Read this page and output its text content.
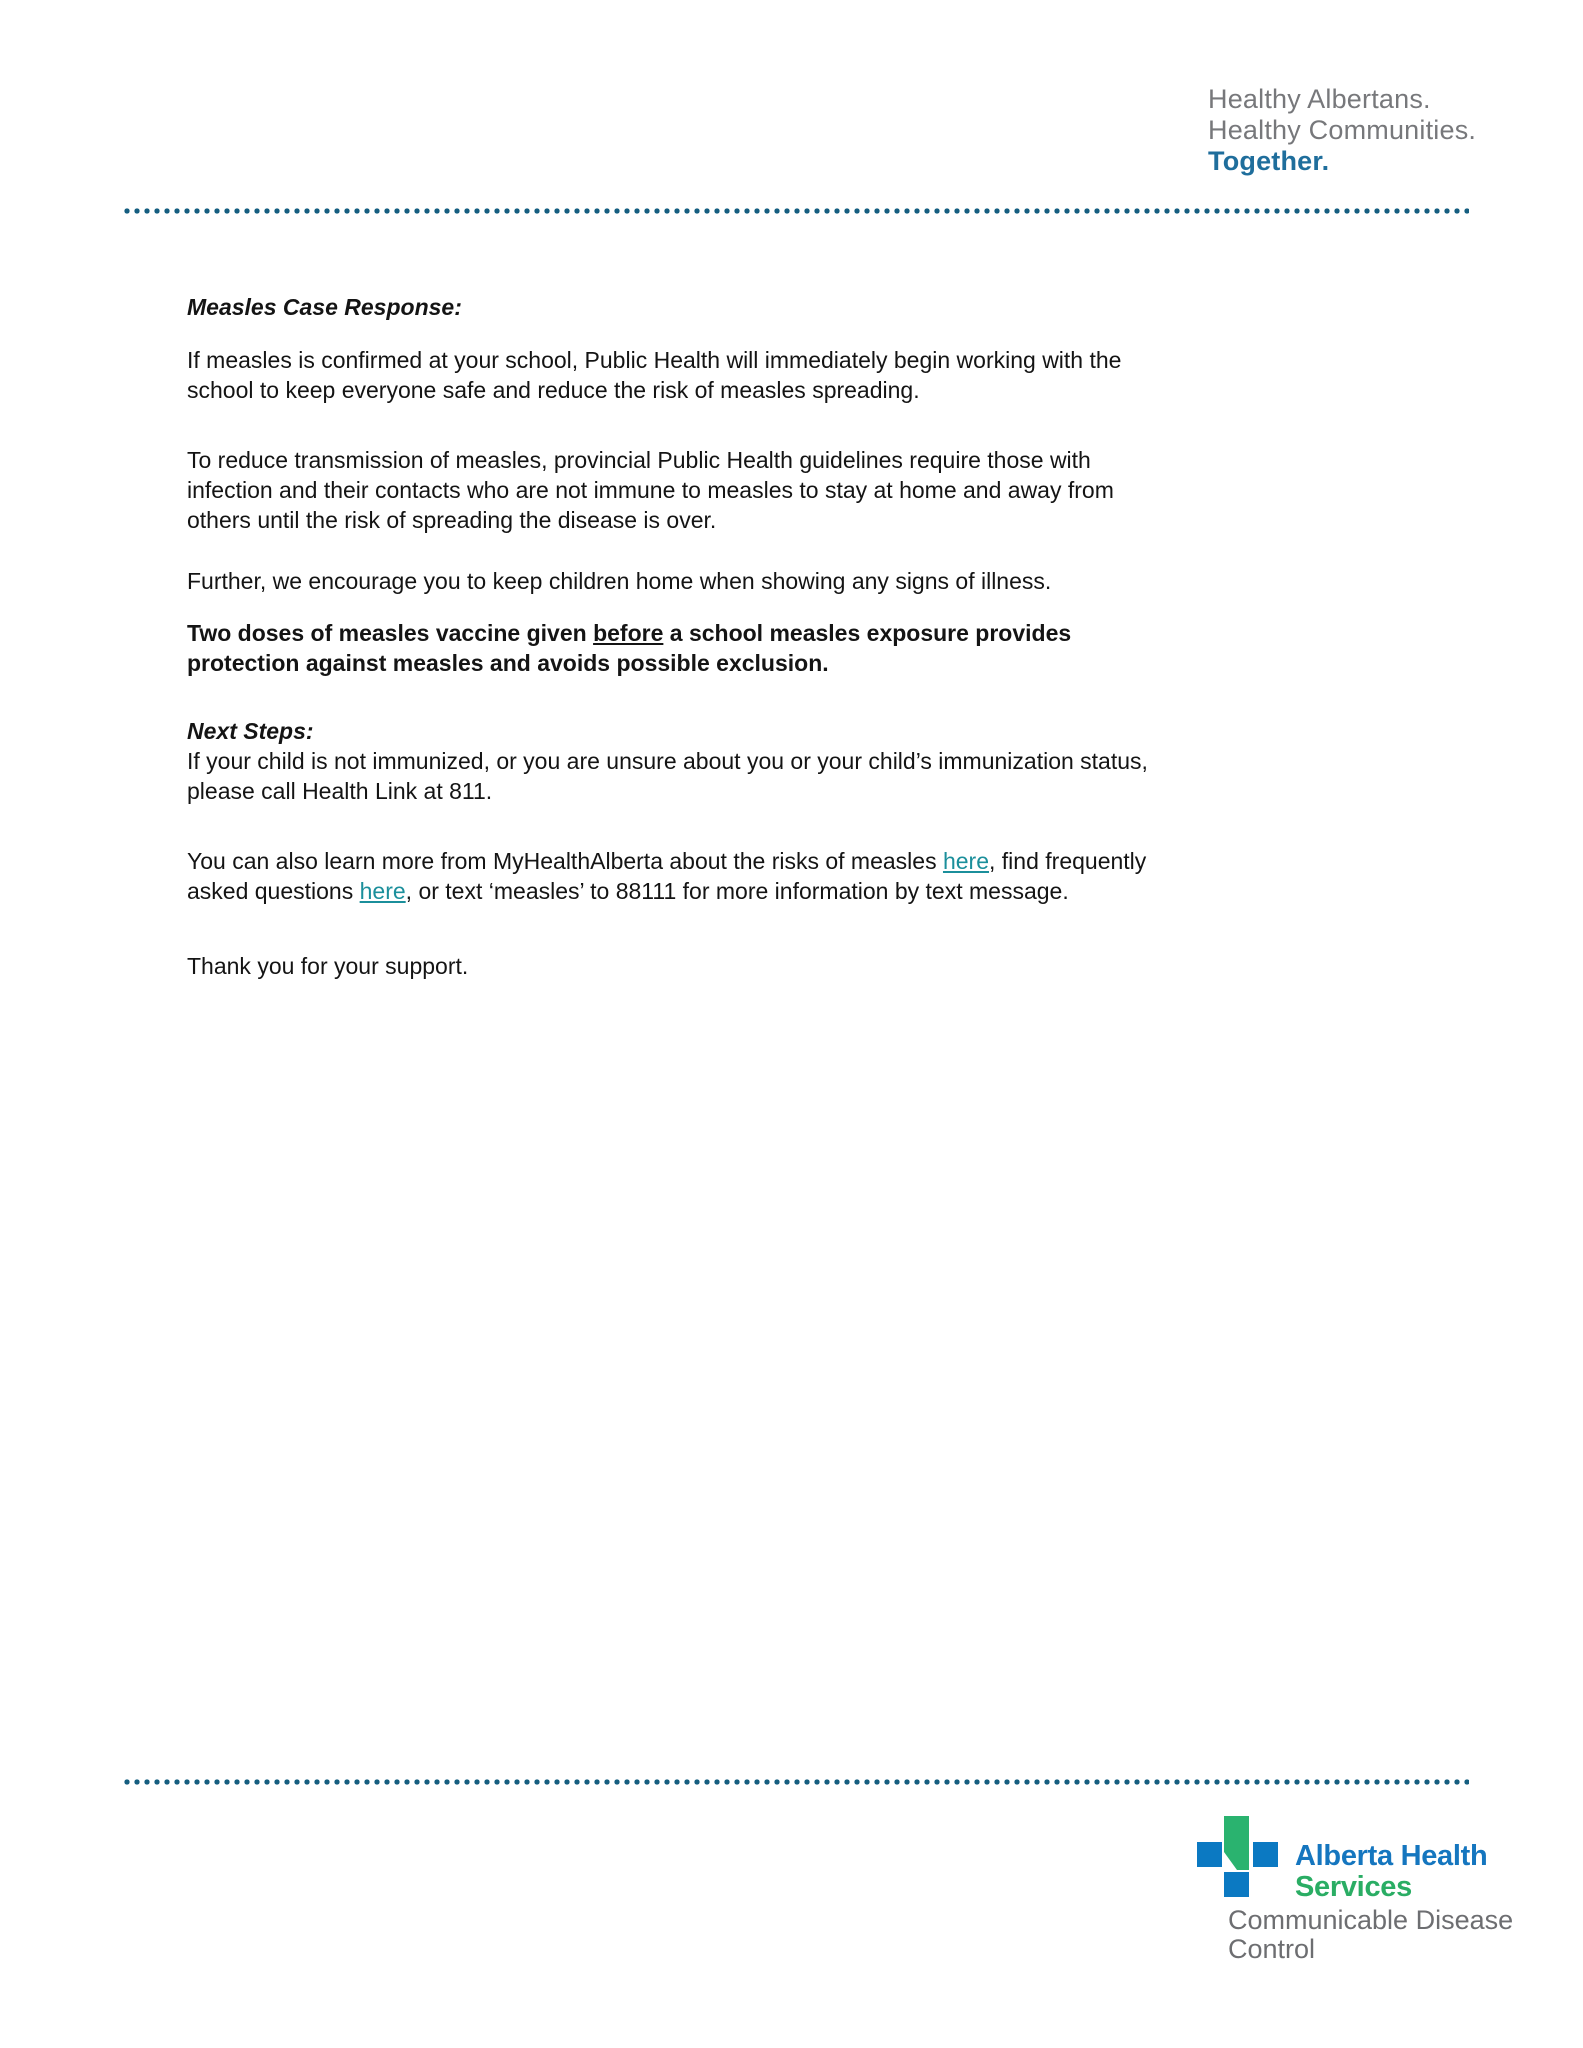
Healthy Albertans.
Healthy Communities.
Together.
Measles Case Response:

If measles is confirmed at your school, Public Health will immediately begin working with the
school to keep everyone safe and reduce the risk of measles spreading.

To reduce transmission of measles, provincial Public Health guidelines require those with
infection and their contacts who are not immune to measles to stay at home and away from
others until the risk of spreading the disease is over.

Further, we encourage you to keep children home when showing any signs of illness.

Two doses of measles vaccine given before a school measles exposure provides
protection against measles and avoids possible exclusion.

Next Steps:

If your child is not immunized, or you are unsure about you or your child’s immunization status,
please call Health Link at 811.

You can also learn more from MyHealthAlberta about the risks of measles here, find frequently
asked questions here, or text ‘measles’ to 88111 for more information by text message.

Thank you for your support.

Alberta Health
Services
Communicable Disease
Control
